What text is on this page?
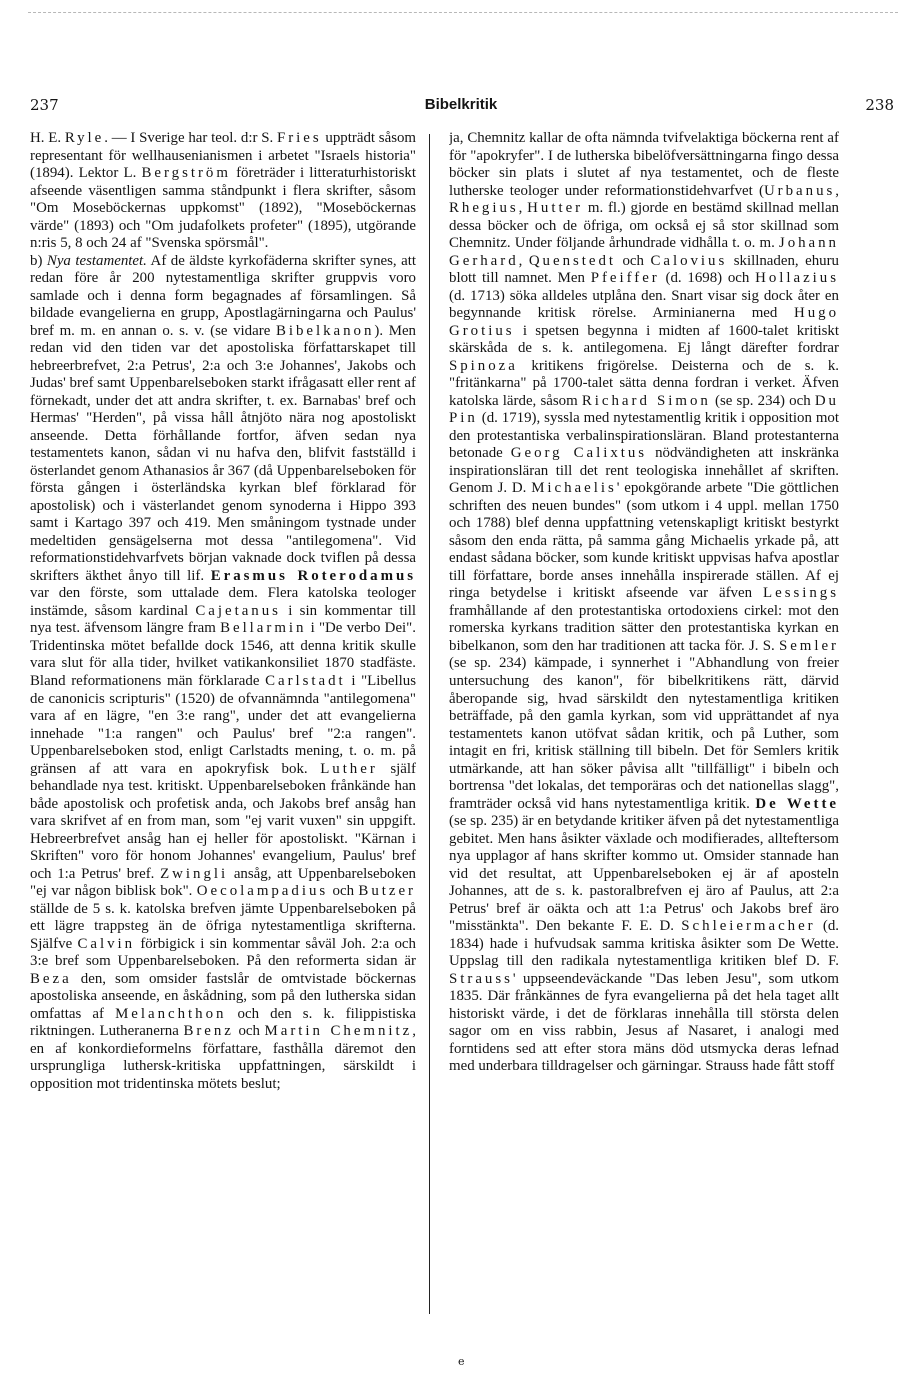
237	Bibelkritik	238

H. E. Ryle. — I Sverige har teol. d:r S. Fries uppträdt såsom representant för wellhausenianismen i arbetet "Israels historia" (1894). Lektor L. Bergström företräder i litteraturhistoriskt afseende väsentligen samma ståndpunkt i flera skrifter, såsom "Om Moseböckernas uppkomst" (1892), "Moseböckernas värde" (1893) och "Om judafolkets profeter" (1895), utgörande n:ris 5, 8 och 24 af "Svenska spörsmål".

b) Nya testamentet. Af de äldste kyrkofäderna skrifter synes, att redan före år 200 nytestamentliga skrifter gruppvis voro samlade och i denna form begagnades af församlingen. Så bildade evangelierna en grupp, Apostlagärningarna och Paulus' bref m. m. en annan o. s. v. (se vidare Bibelkanon). Men redan vid den tiden var det apostoliska författarskapet till hebreerbrefvet, 2:a Petrus', 2:a och 3:e Johannes', Jakobs och Judas' bref samt Uppenbarelseboken starkt ifrågasatt eller rent af förnekadt, under det att andra skrifter, t. ex. Barnabas' bref och Hermas' "Herden", på vissa håll åtnjöto nära nog apostoliskt anseende. Detta förhållande fortfor, äfven sedan nya testamentets kanon, sådan vi nu hafva den, blifvit fastställd i österlandet genom Athanasios år 367 (då Uppenbarelseboken för första gången i österländska kyrkan blef förklarad för apostolisk) och i västerlandet genom synoderna i Hippo 393 samt i Kartago 397 och 419. Men småningom tystnade under medeltiden gensägelserna mot dessa "antilegomena". Vid reformationstidehvarfvets början vaknade dock tviflen på dessa skrifters äkthet ånyo till lif. Erasmus Roterodamus var den förste, som uttalade dem. Flera katolska teologer instämde, såsom kardinal Cajetanus i sin kommentar till nya test. äfvensom längre fram Bellarmin i "De verbo Dei". Tridentinska mötet befallde dock 1546, att denna kritik skulle vara slut för alla tider, hvilket vatikankonsiliet 1870 stadfäste. Bland reformationens män förklarade Carlstadt i "Libellus de canonicis scripturis" (1520) de ofvannämnda "antilegomena" vara af en lägre, "en 3:e rang", under det att evangelierna innehade "1:a rangen" och Paulus' bref "2:a rangen". Uppenbarelseboken stod, enligt Carlstadts mening, t. o. m. på gränsen af att vara en apokryfisk bok. Luther själf behandlade nya test. kritiskt. Uppenbarelseboken frånkände han både apostolisk och profetisk anda, och Jakobs bref ansåg han vara skrifvet af en from man, som "ej varit vuxen" sin uppgift. Hebreerbrefvet ansåg han ej heller för apostoliskt. "Kärnan i Skriften" voro för honom Johannes' evangelium, Paulus' bref och 1:a Petrus' bref. Zwingli ansåg, att Uppenbarelseboken "ej var någon biblisk bok". Oecolampadius och Butzer ställde de 5 s. k. katolska brefven jämte Uppenbarelseboken på ett lägre trappsteg än de öfriga nytestamentliga skrifterna. Själfve Calvin förbigick i sin kommentar såväl Joh. 2:a och 3:e bref som Uppenbarelseboken. På den reformerta sidan är Beza den, som omsider fastslår de omtvistade böckernas apostoliska anseende, en åskådning, som på den lutherska sidan omfattas af Melanchthon och den s. k. filippistiska riktningen. Lutheranerna Brenz och Martin Chemnitz, en af konkordieformelns författare, fasthålla däremot den ursprungliga luthersk-kritiska uppfattningen, särskildt i opposition mot tridentinska mötets beslut;

ja, Chemnitz kallar de ofta nämnda tvifvelaktiga böckerna rent af för "apokryfer". I de lutherska bibelöfversättningarna fingo dessa böcker sin plats i slutet af nya testamentet, och de fleste lutherske teologer under reformationstidehvarfvet (Urbanus, Rhegius, Hutter m. fl.) gjorde en bestämd skillnad mellan dessa böcker och de öfriga, om också ej så stor skillnad som Chemnitz. Under följande århundrade vidhålla t. o. m. Johann Gerhard, Quenstedt och Calovius skillnaden, ehuru blott till namnet. Men Pfeiffer (d. 1698) och Hollazius (d. 1713) söka alldeles utplåna den. Snart visar sig dock åter en begynnande kritisk rörelse. Arminianerna med Hugo Grotius i spetsen begynna i midten af 1600-talet kritiskt skärskåda de s. k. antilegomena. Ej långt därefter fordrar Spinoza kritikens frigörelse. Deisterna och de s. k. "fritänkarna" på 1700-talet sätta denna fordran i verket. Äfven katolska lärde, såsom Richard Simon (se sp. 234) och Du Pin (d. 1719), syssla med nytestamentlig kritik i opposition mot den protestantiska verbalinspirationsläran. Bland protestanterna betonade Georg Calixtus nödvändigheten att inskränka inspirationsläran till det rent teologiska innehållet af skriften. Genom J. D. Michaelis' epokgörande arbete "Die göttlichen schriften des neuen bundes" (som utkom i 4 uppl. mellan 1750 och 1788) blef denna uppfattning vetenskapligt kritiskt bestyrkt såsom den enda rätta, på samma gång Michaelis yrkade på, att endast sådana böcker, som kunde kritiskt uppvisas hafva apostlar till författare, borde anses innehålla inspirerade ställen. Af ej ringa betydelse i kritiskt afseende var äfven Lessings framhållande af den protestantiska ortodoxiens cirkel: mot den romerska kyrkans tradition sätter den protestantiska kyrkan en bibelkanon, som den har traditionen att tacka för. J. S. Semler (se sp. 234) kämpade, i synnerhet i "Abhandlung von freier untersuchung des kanon", för bibelkritikens rätt, därvid åberopande sig, hvad särskildt den nytestamentliga kritiken beträffade, på den gamla kyrkan, som vid upprättandet af nya testamentets kanon utöfvat sådan kritik, och på Luther, som intagit en fri, kritisk ställning till bibeln. Det för Semlers kritik utmärkande, att han söker påvisa allt "tillfälligt" i bibeln och bortrensa "det lokalas, det temporäras och det nationellas slagg", framträder också vid hans nytestamentliga kritik. De Wette (se sp. 235) är en betydande kritiker äfven på det nytestamentliga gebitet. Men hans åsikter växlade och modifierades, allteftersom nya upplagor af hans skrifter kommo ut. Omsider stannade han vid det resultat, att Uppenbarelseboken ej är af aposteln Johannes, att de s. k. pastoralbrefven ej äro af Paulus, att 2:a Petrus' bref är oäkta och att 1:a Petrus' och Jakobs bref äro "misstänkta". Den bekante F. E. D. Schleiermacher (d. 1834) hade i hufvudsak samma kritiska åsikter som De Wette. Uppslag till den radikala nytestamentliga kritiken blef D. F. Strauss' uppseendeväckande "Das leben Jesu", som utkom 1835. Där frånkännes de fyra evangelierna på det hela taget allt historiskt värde, i det de förklaras innehålla till största delen sagor om en viss rabbin, Jesus af Nasaret, i analogi med forntidens sed att efter stora mäns död utsmycka deras lefnad med underbara tilldragelser och gärningar. Strauss hade fått stoff

e
